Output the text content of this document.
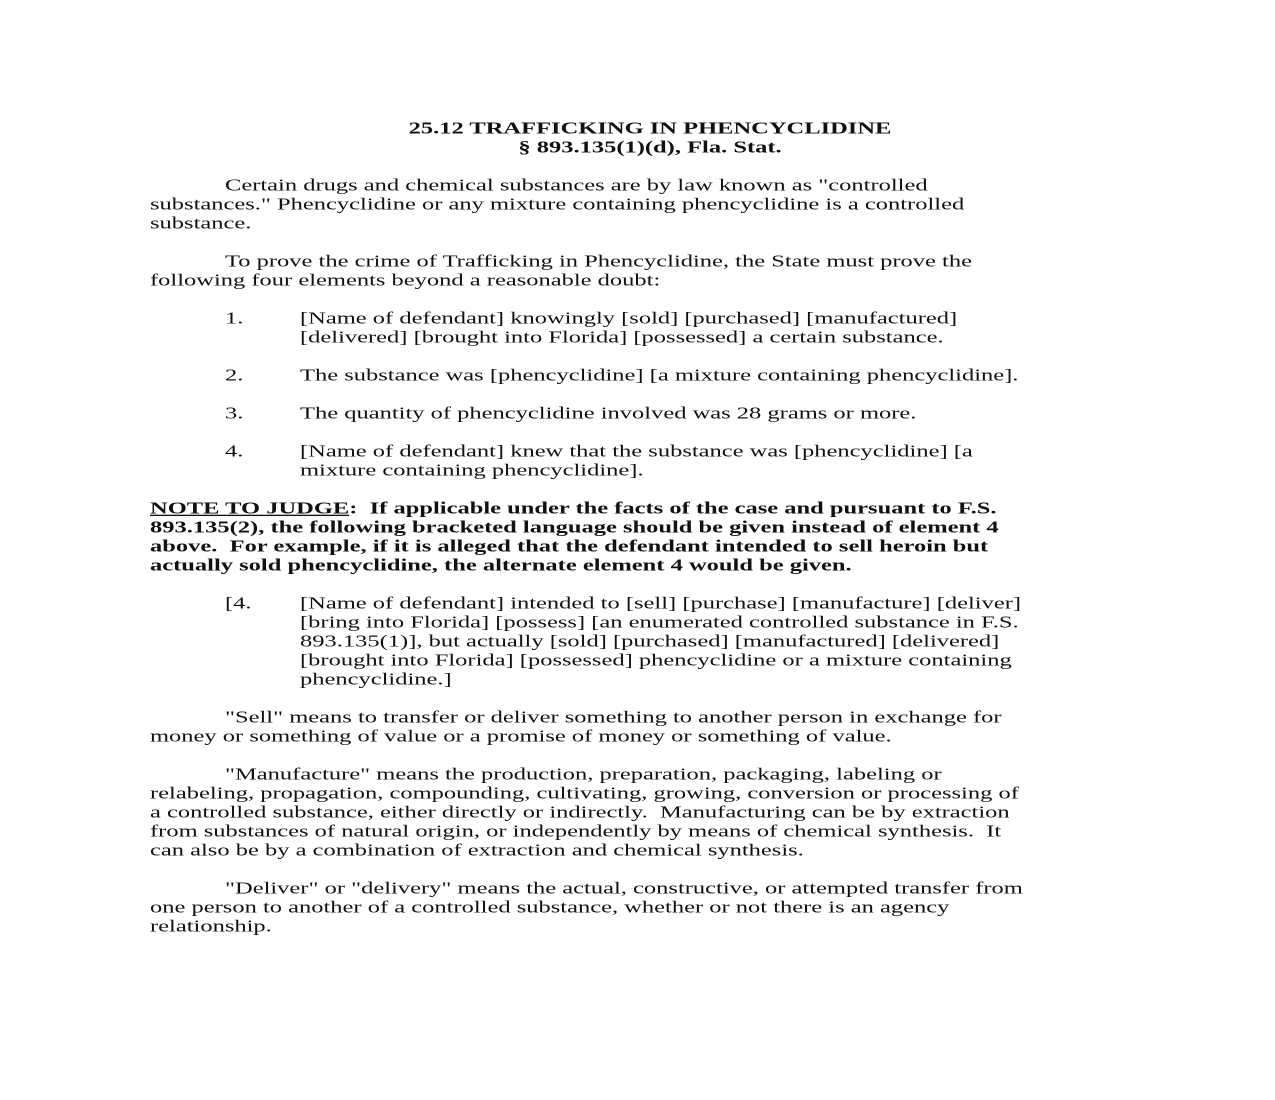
25.12 TRAFFICKING IN PHENCYCLIDINE
§ 893.135(1)(d), Fla. Stat.
Certain drugs and chemical substances are by law known as "controlled
substances." Phencyclidine or any mixture containing phencyclidine is a controlled
substance.
To prove the crime of Trafficking in Phencyclidine, the State must prove the
following four elements beyond a reasonable doubt:
1.	[Name of defendant] knowingly [sold] [purchased] [manufactured]
[delivered] [brought into Florida] [possessed] a certain substance.
2.	The substance was [phencyclidine] [a mixture containing phencyclidine].
3.	The quantity of phencyclidine involved was 28 grams or more.
4.	[Name of defendant] knew that the substance was [phencyclidine] [a
mixture containing phencyclidine].
NOTE TO JUDGE:  If applicable under the facts of the case and pursuant to F.S.
893.135(2), the following bracketed language should be given instead of element 4
above.  For example, if it is alleged that the defendant intended to sell heroin but
actually sold phencyclidine, the alternate element 4 would be given.
[4.	[Name of defendant] intended to [sell] [purchase] [manufacture] [deliver]
[bring into Florida] [possess] [an enumerated controlled substance in F.S.
893.135(1)], but actually [sold] [purchased] [manufactured] [delivered]
[brought into Florida] [possessed] phencyclidine or a mixture containing
phencyclidine.]
"Sell" means to transfer or deliver something to another person in exchange for
money or something of value or a promise of money or something of value.
"Manufacture" means the production, preparation, packaging, labeling or
relabeling, propagation, compounding, cultivating, growing, conversion or processing of
a controlled substance, either directly or indirectly.  Manufacturing can be by extraction
from substances of natural origin, or independently by means of chemical synthesis.  It
can also be by a combination of extraction and chemical synthesis.
"Deliver" or "delivery" means the actual, constructive, or attempted transfer from
one person to another of a controlled substance, whether or not there is an agency
relationship.
